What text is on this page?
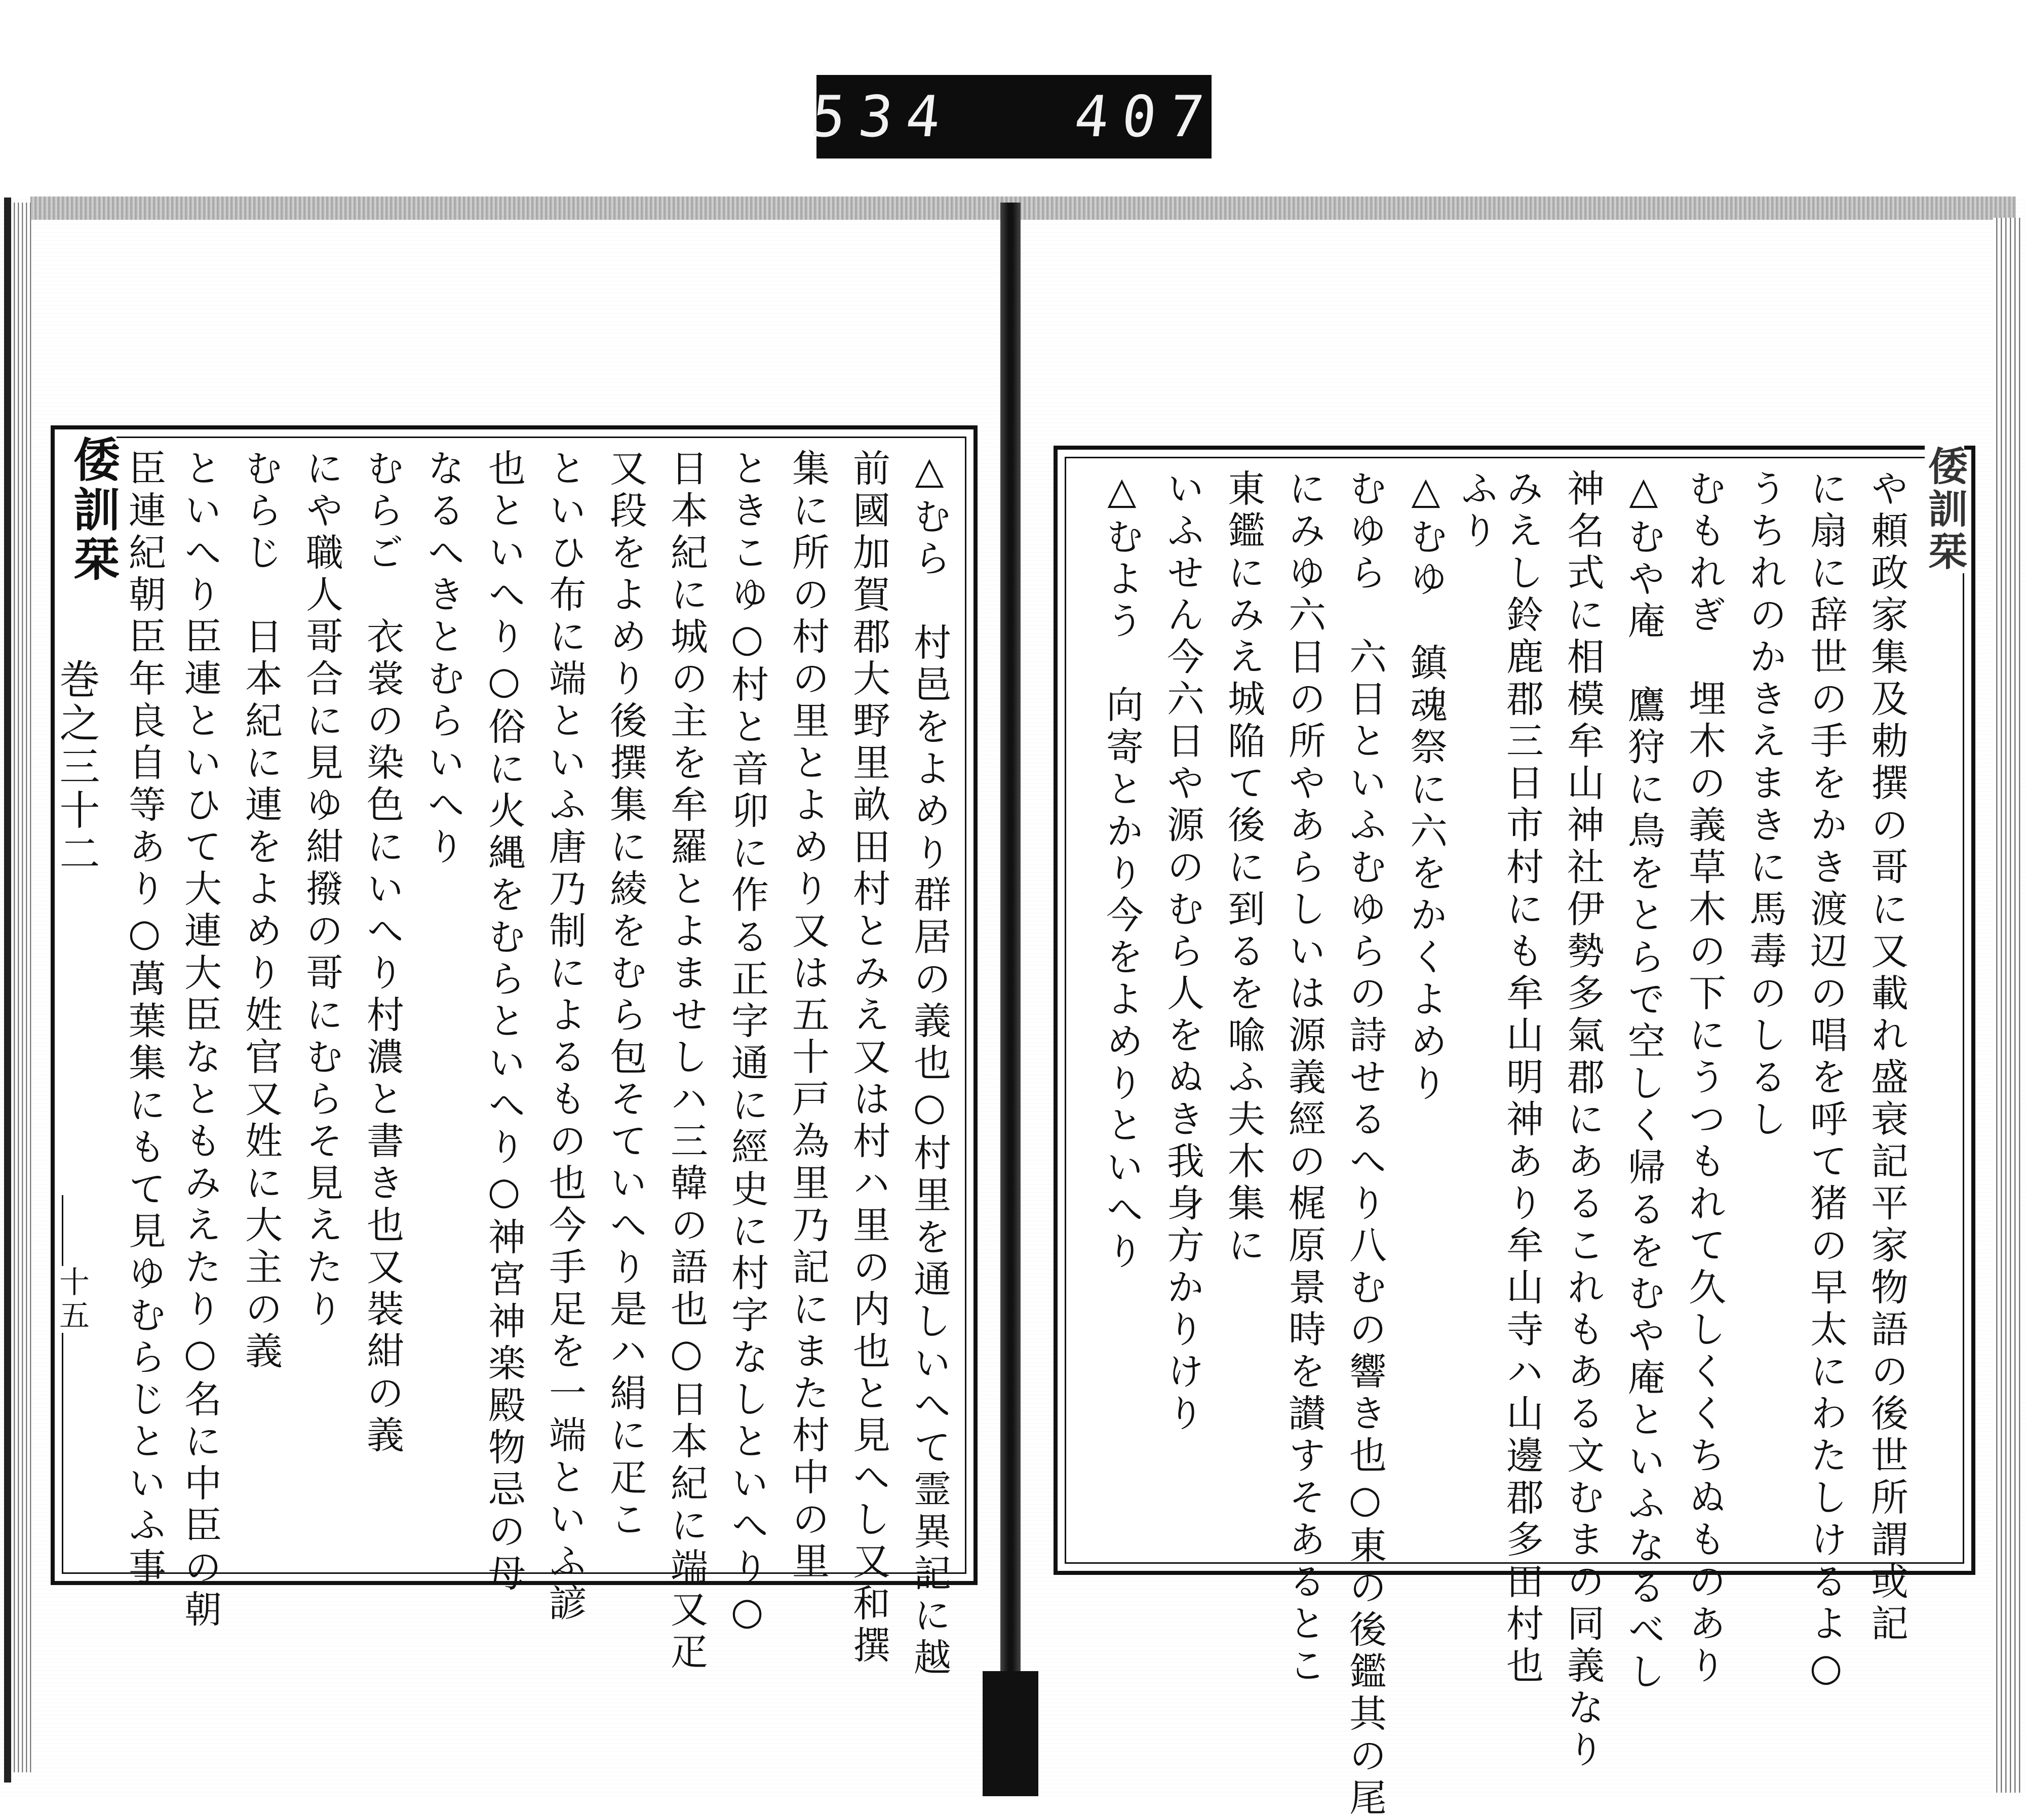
534 407
△むら　村邑をよめり群居の義也○村里を通しいへて霊異記に越
前國加賀郡大野里畝田村とみえ又は村ハ里の内也と見へし又和撰
集に所の村の里とよめり又は五十戸為里乃記にまた村中の里
ときこゆ○村と音卯に作る正字通に經史に村字なしといへり○
日本紀に城の主を牟羅とよませしハ三韓の語也○日本紀に端又疋
又段をよめり後撰集に綾をむら包そていへり是ハ絹に疋こ
といひ布に端といふ唐乃制によるもの也今手足を一端といふ諺
也といへり○俗に火縄をむらといへり○神宮神楽殿物忌の母
なるへきとむらいへり
むらご　衣裳の染色にいへり村濃と書き也又裝紺の義
にや職人哥合に見ゆ紺撥の哥にむらそ見えたり
むらじ　日本紀に連をよめり姓官又姓に大主の義
といへり臣連といひて大連大臣なともみえたり○名に中臣の朝
臣連紀朝臣年良自等あり○萬葉集にもて見ゆむらじといふ事
倭訓栞
巻之三十二
十五	や頼政家集及勅撰の哥に又載れ盛衰記平家物語の後世所謂或記
に扇に辞世の手をかき渡辺の唱を呼て猪の早太にわたしけるよ○
うちれのかきえまきに馬毒のしるし
むもれぎ　埋木の義草木の下にうつもれて久しくくちぬものあり
△むや庵　鷹狩に鳥をとらで空しく帰るをむや庵といふなるべし
神名式に相模牟山神社伊勢多氣郡にあるこれもある文むまの同義なり
みえし鈴鹿郡三日市村にも牟山明神あり牟山寺ハ山邊郡多田村也
ふり
△むゆ　鎮魂祭に六をかくよめり
むゆら　六日といふむゆらの詩せるへり八むの響き也○東の後鑑其の尾
にみゆ六日の所やあらしいは源義經の梶原景時を讃すそあるとこ
東鑑にみえ城陥て後に到るを喩ふ夫木集に
いふせん今六日や源のむら人をぬき我身方かりけり
△むよう　向寄とかり今をよめりといへり	倭訓栞
